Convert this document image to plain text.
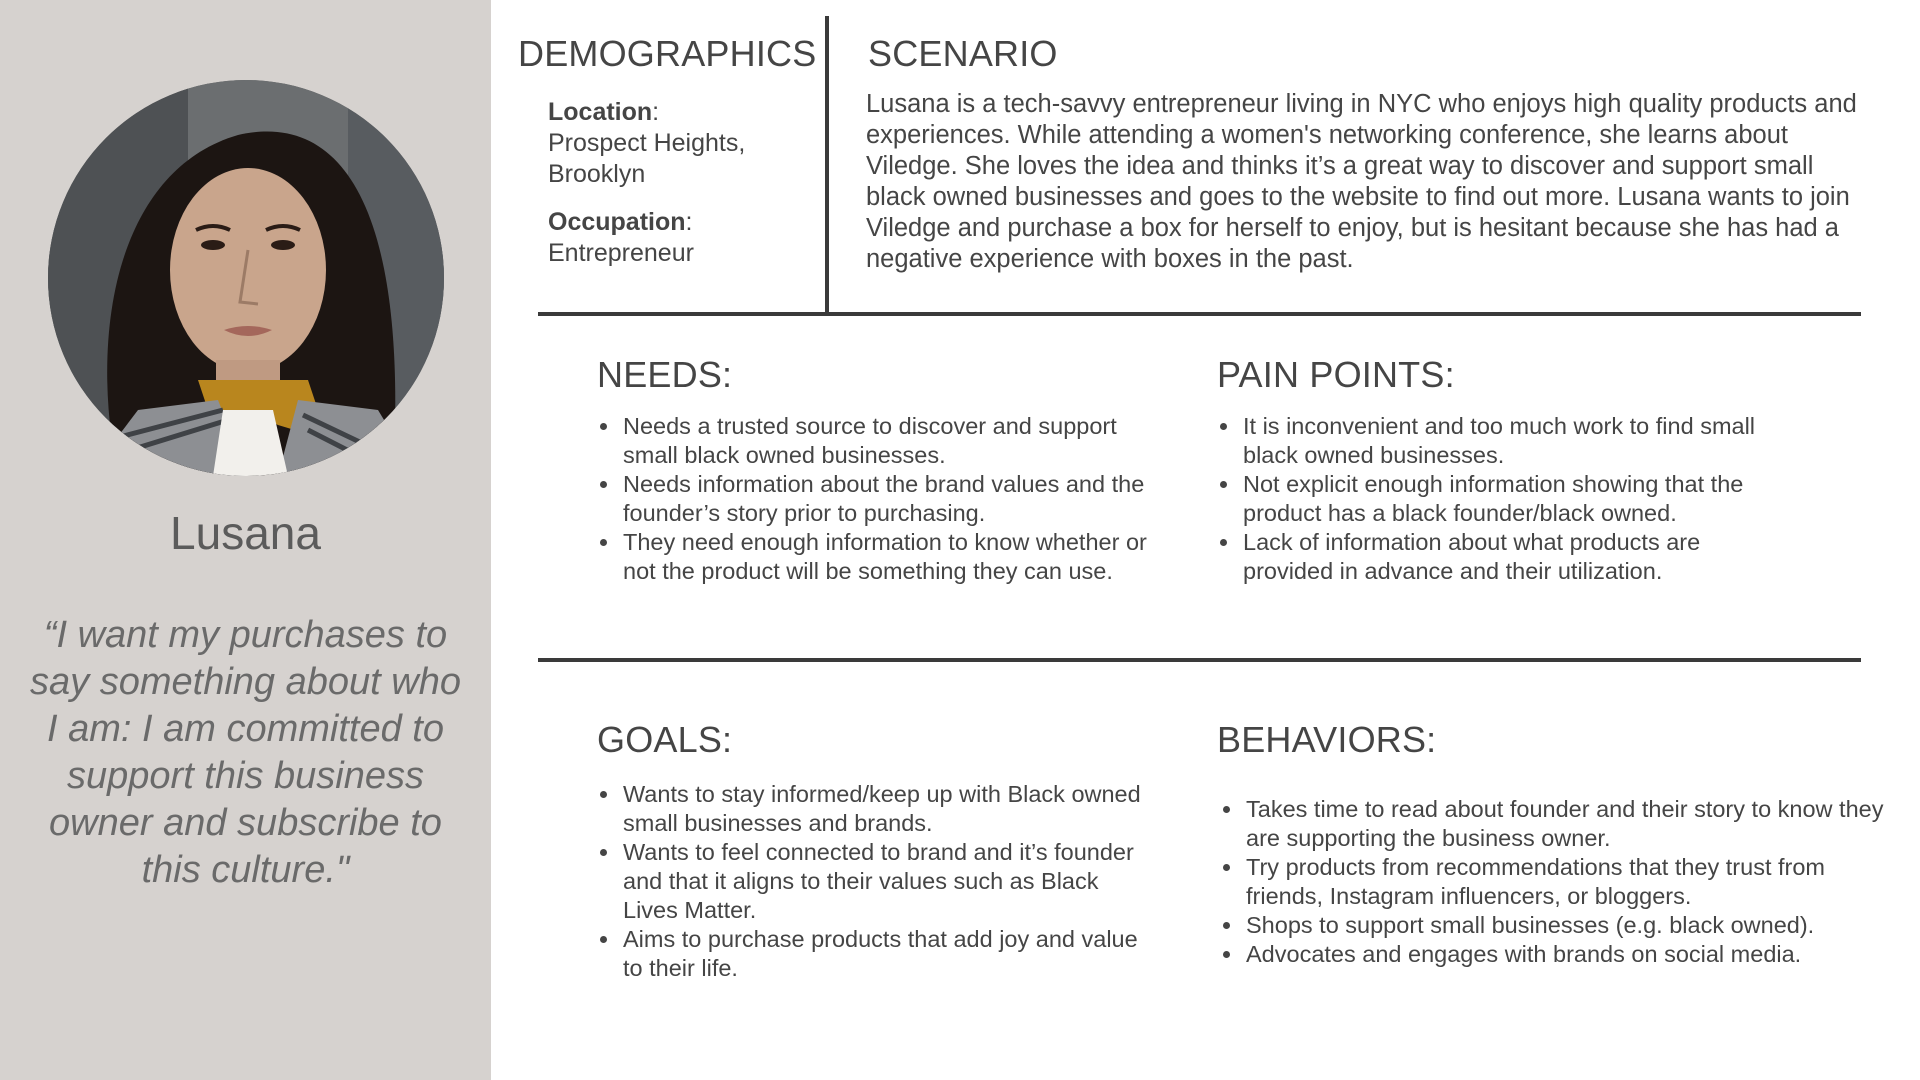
Lusana
“I want my purchases to say something about who I am: I am committed to support this business owner and subscribe to this culture."
DEMOGRAPHICS
Location:
Prospect Heights,
Brooklyn
Occupation:
Entrepreneur
SCENARIO

Lusana is a tech-savvy entrepreneur living in NYC who enjoys high quality products and experiences. While attending a women's networking conference, she learns about Viledge. She loves the idea and thinks it’s a great way to discover and support small black owned businesses and goes to the website to find out more. Lusana wants to join Viledge and purchase a box for herself to enjoy, but is hesitant because she has had a negative experience with boxes in the past.

NEEDS:
• Needs a trusted source to discover and support small black owned businesses.
• Needs information about the brand values and the founder’s story prior to purchasing.
• They need enough information to know whether or not the product will be something they can use.
PAIN POINTS:
• It is inconvenient and too much work to find small black owned businesses.
• Not explicit enough information showing that the product has a black founder/black owned.
• Lack of information about what products are provided in advance and their utilization.
GOALS:
• Wants to stay informed/keep up with Black owned small businesses and brands.
• Wants to feel connected to brand and it’s founder and that it aligns to their values such as Black Lives Matter.
• Aims to purchase products that add joy and value to their life.
BEHAVIORS:
• Takes time to read about founder and their story to know they are supporting the business owner.
• Try products from recommendations that they trust from friends, Instagram influencers, or bloggers.
• Shops to support small businesses (e.g. black owned).
• Advocates and engages with brands on social media.
